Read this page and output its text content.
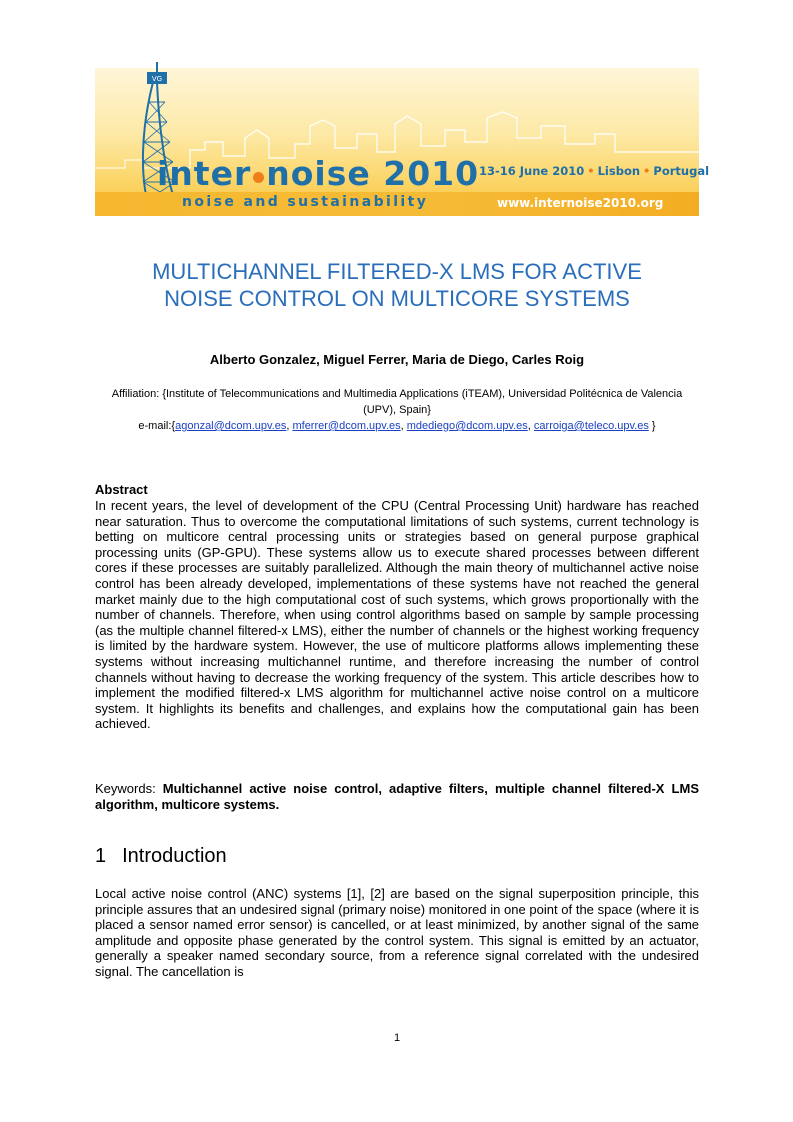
VG
inter noise 2010 13-16 June 2010 • Lisbon • Portugal
noise and sustainability	www.internoise2010.org
MULTICHANNEL FILTERED-X LMS FOR ACTIVE
NOISE CONTROL ON MULTICORE SYSTEMS
Alberto Gonzalez, Miguel Ferrer, Maria de Diego, Carles Roig
Affiliation: {Institute of Telecommunications and Multimedia Applications (iTEAM), Universidad Politécnica de Valencia (UPV), Spain}
e-mail:{agonzal@dcom.upv.es, mferrer@dcom.upv.es, mdediego@dcom.upv.es, carroiga@teleco.upv.es }
Abstract

In recent years, the level of development of the CPU (Central Processing Unit) hardware has reached near saturation. Thus to overcome the computational limitations of such systems, current technology is betting on multicore central processing units or strategies based on general purpose graphical processing units (GP-GPU). These systems allow us to execute shared processes between different cores if these processes are suitably parallelized. Although the main theory of multichannel active noise control has been already developed, implementations of these systems have not reached the general market mainly due to the high computational cost of such systems, which grows proportionally with the number of channels. Therefore, when using control algorithms based on sample by sample processing (as the multiple channel filtered-x LMS), either the number of channels or the highest working frequency is limited by the hardware system. However, the use of multicore platforms allows implementing these systems without increasing multichannel runtime, and therefore increasing the number of control channels without having to decrease the working frequency of the system. This article describes how to implement the modified filtered-x LMS algorithm for multichannel active noise control on a multicore system. It highlights its benefits and challenges, and explains how the computational gain has been achieved.

Keywords: Multichannel active noise control, adaptive filters, multiple channel filtered-X LMS algorithm, multicore systems.

1 Introduction

Local active noise control (ANC) systems [1], [2] are based on the signal superposition principle, this principle assures that an undesired signal (primary noise) monitored in one point of the space (where it is placed a sensor named error sensor) is cancelled, or at least minimized, by another signal of the same amplitude and opposite phase generated by the control system. This signal is emitted by an actuator, generally a speaker named secondary source, from a reference signal correlated with the undesired signal. The cancellation is

1
